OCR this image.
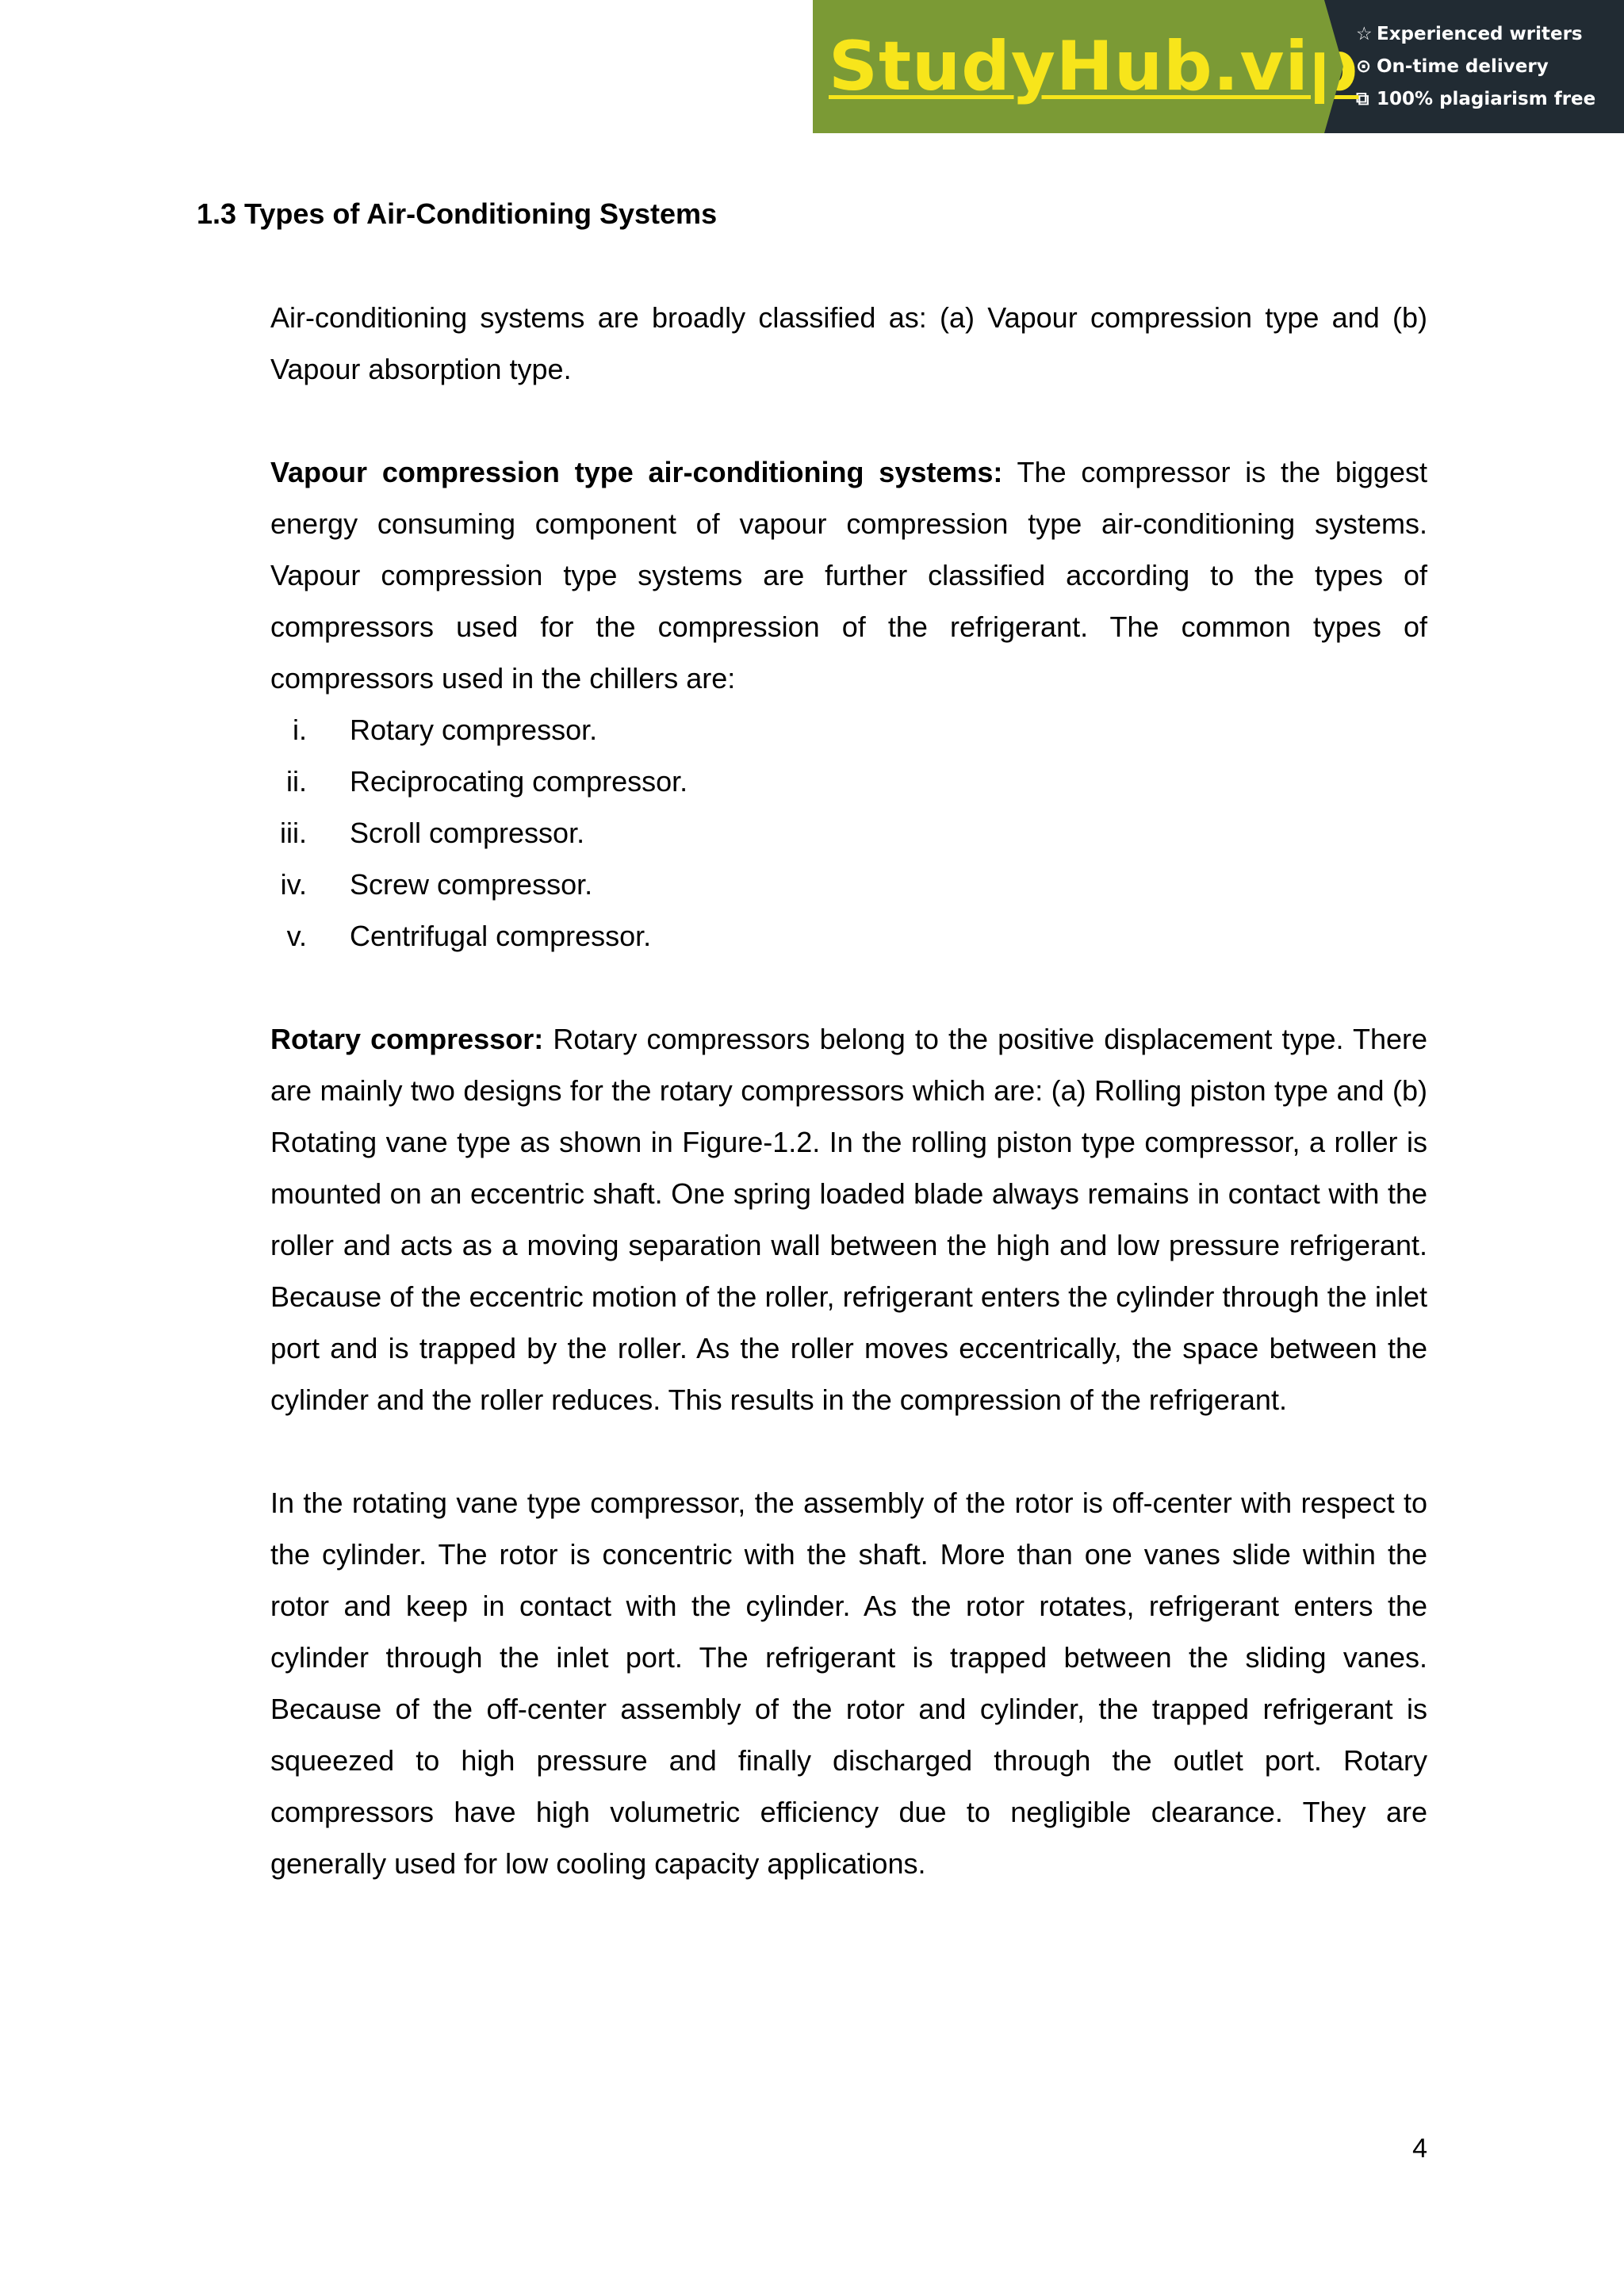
StudyHub.vip
☆ Experienced writers
⊙ On-time delivery
⧉ 100% plagiarism free
1.3 Types of Air-Conditioning Systems

Air-conditioning systems are broadly classified as: (a) Vapour compression type and (b) Vapour absorption type.

Vapour compression type air-conditioning systems: The compressor is the biggest energy consuming component of vapour compression type air-conditioning systems. Vapour compression type systems are further classified according to the types of compressors used for the compression of the refrigerant. The common types of compressors used in the chillers are:

i.	Rotary compressor.
ii.	Reciprocating compressor.
iii.	Scroll compressor.
iv.	Screw compressor.
v.	Centrifugal compressor.

Rotary compressor: Rotary compressors belong to the positive displacement type. There are mainly two designs for the rotary compressors which are: (a) Rolling piston type and (b) Rotating vane type as shown in Figure-1.2. In the rolling piston type compressor, a roller is mounted on an eccentric shaft. One spring loaded blade always remains in contact with the roller and acts as a moving separation wall between the high and low pressure refrigerant. Because of the eccentric motion of the roller, refrigerant enters the cylinder through the inlet port and is trapped by the roller. As the roller moves eccentrically, the space between the cylinder and the roller reduces. This results in the compression of the refrigerant.

In the rotating vane type compressor, the assembly of the rotor is off-center with respect to the cylinder. The rotor is concentric with the shaft. More than one vanes slide within the rotor and keep in contact with the cylinder. As the rotor rotates, refrigerant enters the cylinder through the inlet port. The refrigerant is trapped between the sliding vanes. Because of the off-center assembly of the rotor and cylinder, the trapped refrigerant is squeezed to high pressure and finally discharged through the outlet port. Rotary compressors have high volumetric efficiency due to negligible clearance. They are generally used for low cooling capacity applications.

4
